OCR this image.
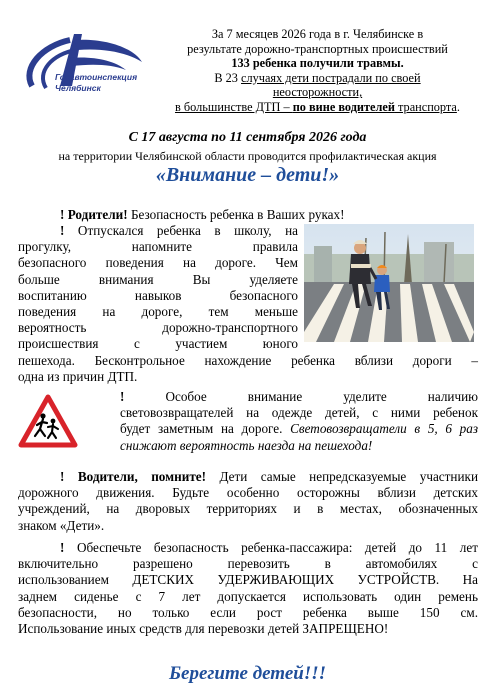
Госавтоинспекция
Челябинск
За 7 месяцев 2026 года в г. Челябинске в
результате дорожно-транспортных происшествий
133 ребенка получили травмы.
В 23 случаях дети пострадали по своей
неосторожности,
в большинстве ДТП – по вине водителей транспорта.
С 17 августа по 11 сентября 2026 года
на территории Челябинской области проводится профилактическая акция
«Внимание – дети!»
! Родители! Безопасность ребенка в Ваших руках!
! Отпускался ребенка в школу, на
прогулку, напомните правила
безопасного поведения на дороге. Чем
больше внимания Вы уделяете
воспитанию навыков безопасного
поведения на дороге, тем меньше
вероятность дорожно-транспортного
происшествия с участием юного
пешехода. Бесконтрольное нахождение ребенка вблизи дороги –
одна из причин ДТП.
!	Особое внимание уделите наличию
световозвращателей на одежде детей, с ними ребенок
будет заметным на дороге. Световозвращатели в 5, 6 раз
снижают вероятность наезда на пешехода!
! Водители, помните! Дети самые непредсказуемые участники
дорожного движения. Будьте особенно осторожны вблизи детских
учреждений, на дворовых территориях и в местах, обозначенных
знаком «Дети».
! Обеспечьте безопасность ребенка-пассажира: детей до 11 лет
включительно разрешено перевозить в автомобилях с
использованием ДЕТСКИХ УДЕРЖИВАЮЩИХ УСТРОЙСТВ. На
заднем сиденье с 7 лет допускается использовать один ремень
безопасности, но только если рост ребенка выше 150 см.
Использование иных средств для перевозки детей ЗАПРЕЩЕНО!
Берегите детей!!!
